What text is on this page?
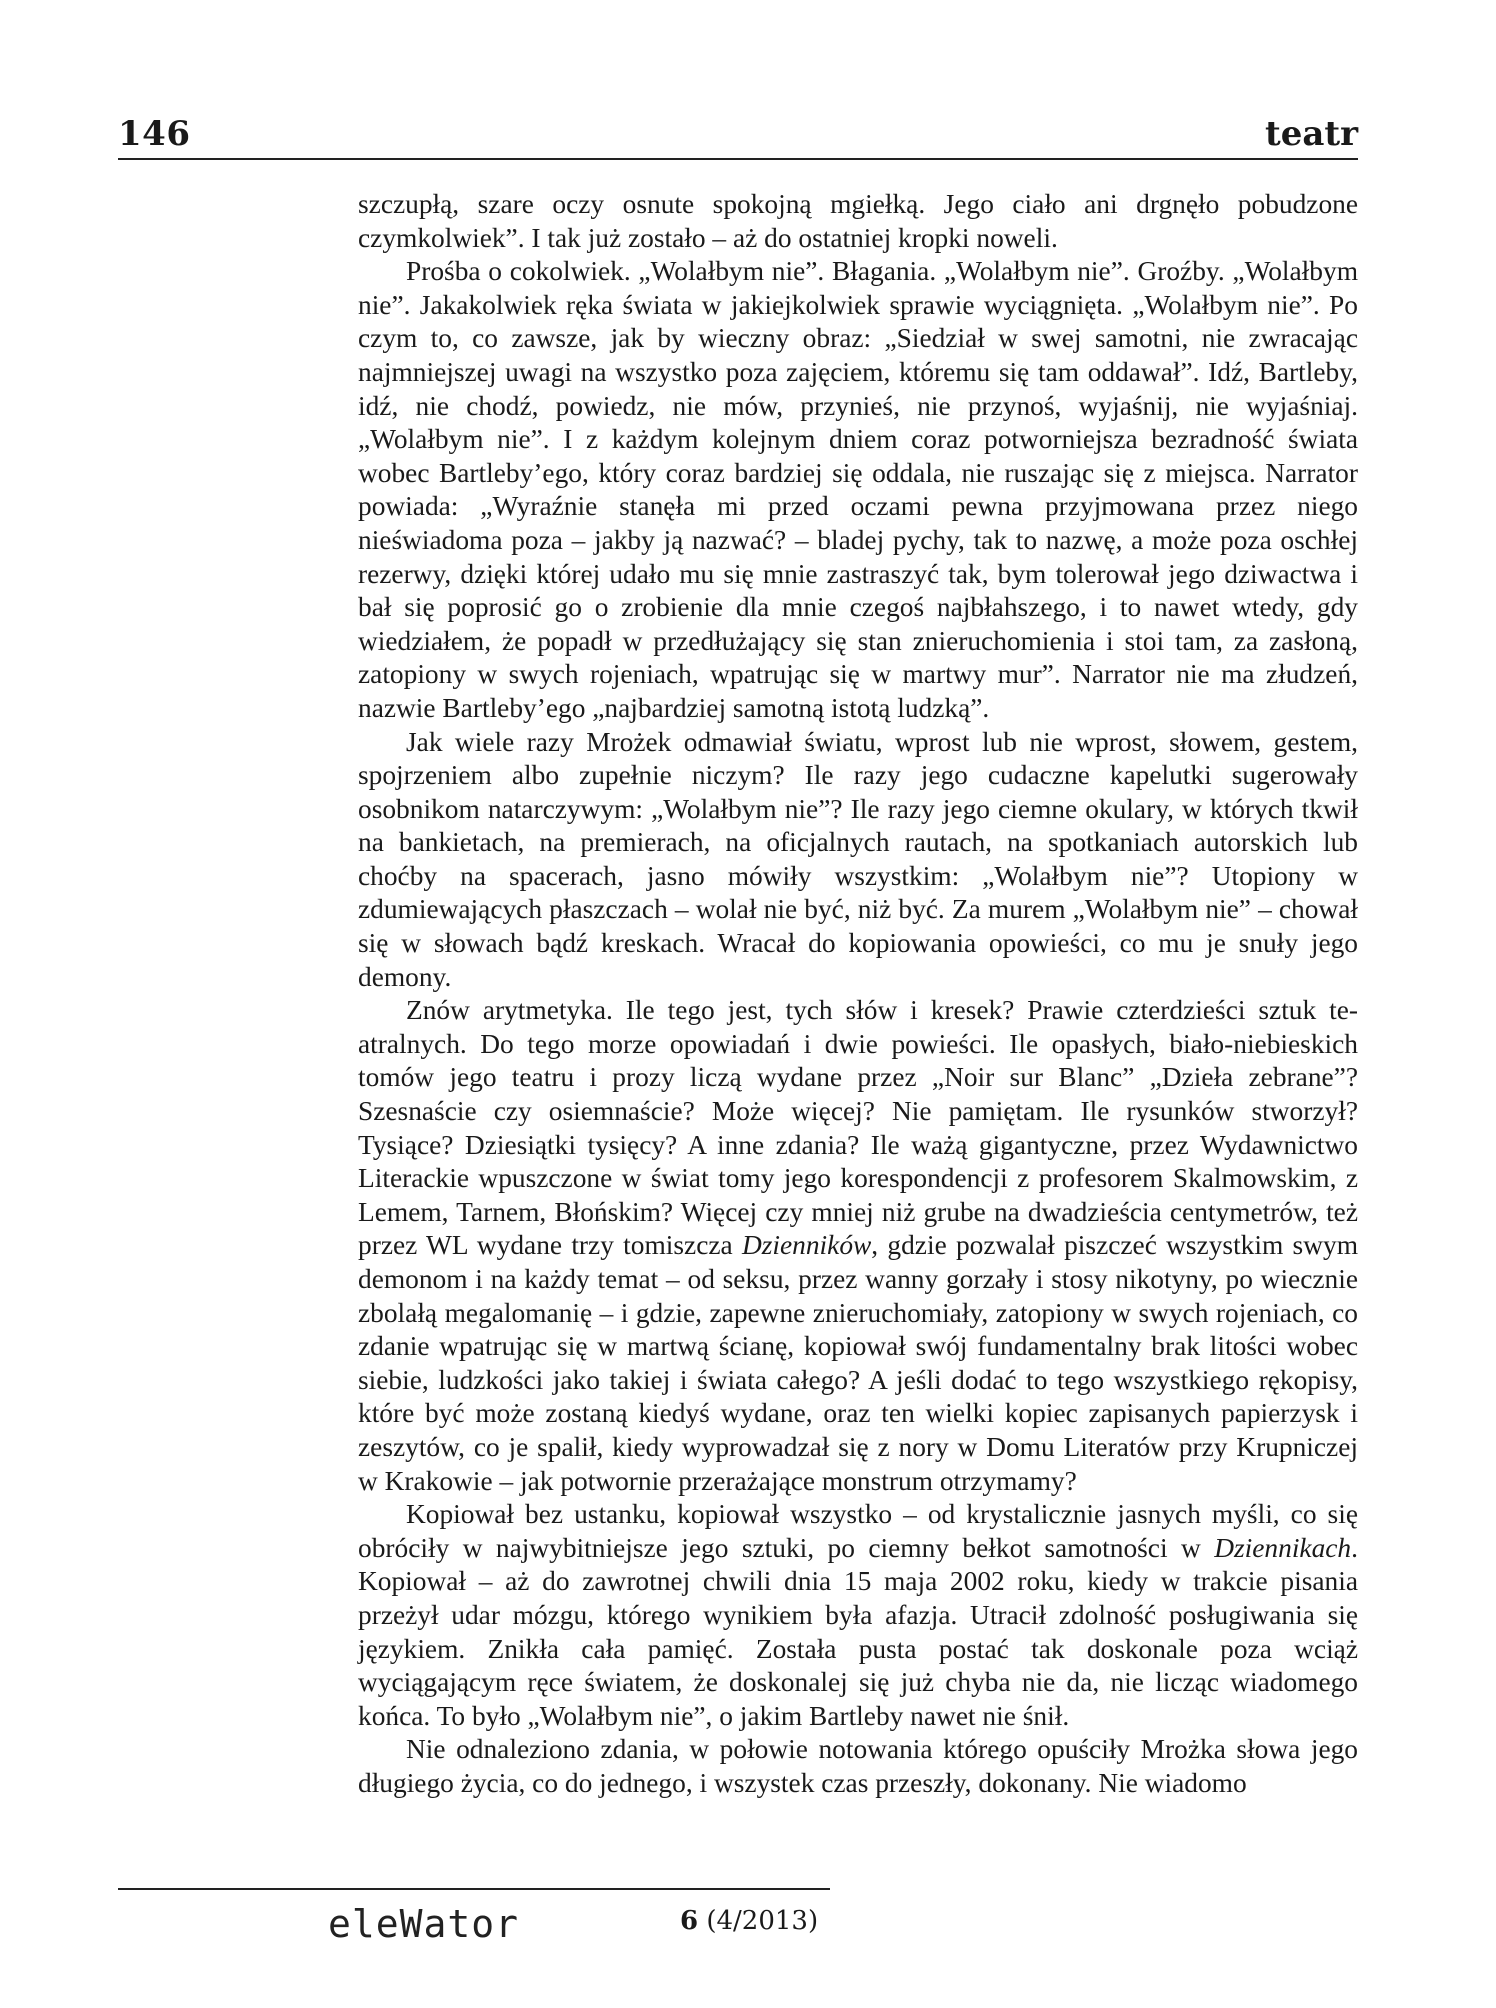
146	teatr

szczupłą, szare oczy osnute spokojną mgiełką. Jego ciało ani drgnęło pobudzone czymkolwiek”. I tak już zostało – aż do ostatniej kropki noweli.

Prośba o cokolwiek. „Wolałbym nie”. Błagania. „Wolałbym nie”. Groźby. „Wolałbym nie”. Jakakolwiek ręka świata w jakiejkolwiek sprawie wyciągnięta. „Wolałbym nie”. Po czym to, co zawsze, jak by wieczny obraz: „Siedział w swej samotni, nie zwracając najmniejszej uwagi na wszystko poza zajęciem, któremu się tam oddawał”. Idź, Bartleby, idź, nie chodź, powiedz, nie mów, przynieś, nie przynoś, wyjaśnij, nie wyjaśniaj. „Wolałbym nie”. I z każdym kolejnym dniem coraz potworniejsza bezradność świata wobec Bartleby’ego, który coraz bardziej się oddala, nie ruszając się z miejsca. Narrator powiada: „Wyraźnie stanęła mi przed oczami pewna przyjmowana przez niego nieświadoma poza – jakby ją nazwać? – bladej pychy, tak to nazwę, a może poza oschłej rezerwy, dzięki której udało mu się mnie zastraszyć tak, bym tolerował jego dziwactwa i bał się poprosić go o zrobienie dla mnie czegoś najbłahszego, i to nawet wtedy, gdy wiedziałem, że popadł w przedłużający się stan znieruchomienia i stoi tam, za zasłoną, zatopiony w swych rojeniach, wpatrując się w martwy mur”. Narrator nie ma złudzeń, nazwie Bartleby’ego „najbardziej samotną istotą ludzką”.

Jak wiele razy Mrożek odmawiał światu, wprost lub nie wprost, słowem, gestem, spojrzeniem albo zupełnie niczym? Ile razy jego cudaczne kapelutki sugerowały osobnikom natarczywym: „Wolałbym nie”? Ile razy jego ciemne okulary, w których tkwił na bankietach, na premierach, na oficjalnych rautach, na spotkaniach autorskich lub choćby na spacerach, jasno mówiły wszystkim: „Wolałbym nie”? Utopiony w zdumiewających płaszczach – wolał nie być, niż być. Za murem „Wolałbym nie” – chował się w słowach bądź kreskach. Wracał do kopiowania opowieści, co mu je snuły jego demony.

Znów arytmetyka. Ile tego jest, tych słów i kresek? Prawie czterdzieści sztuk teatralnych. Do tego morze opowiadań i dwie powieści. Ile opasłych, biało-niebieskich tomów jego teatru i prozy liczą wydane przez „Noir sur Blanc” „Dzieła zebrane”? Szesnaście czy osiemnaście? Może więcej? Nie pamiętam. Ile rysunków stworzył? Tysiące? Dziesiątki tysięcy? A inne zdania? Ile ważą gigantyczne, przez Wydawnictwo Literackie wpuszczone w świat tomy jego korespondencji z profesorem Skalmowskim, z Lemem, Tarnem, Błońskim? Więcej czy mniej niż grube na dwadzieścia centymetrów, też przez WL wydane trzy tomiszcza Dzienników, gdzie pozwalał piszczeć wszystkim swym demonom i na każdy temat – od seksu, przez wanny gorzały i stosy nikotyny, po wiecznie zbolałą megalomanię – i gdzie, zapewne znieruchomiały, zatopiony w swych rojeniach, co zdanie wpatrując się w martwą ścianę, kopiował swój fundamentalny brak litości wobec siebie, ludzkości jako takiej i świata całego? A jeśli dodać to tego wszystkiego rękopisy, które być może zostaną kiedyś wydane, oraz ten wielki kopiec zapisanych papierzysk i zeszytów, co je spalił, kiedy wyprowadzał się z nory w Domu Literatów przy Krupniczej w Krakowie – jak potwornie przerażające monstrum otrzymamy?

Kopiował bez ustanku, kopiował wszystko – od krystalicznie jasnych myśli, co się obróciły w najwybitniejsze jego sztuki, po ciemny bełkot samotności w Dziennikach. Kopiował – aż do zawrotnej chwili dnia 15 maja 2002 roku, kiedy w trakcie pisania przeżył udar mózgu, którego wynikiem była afazja. Utracił zdolność posługiwania się językiem. Znikła cała pamięć. Została pusta postać tak doskonale poza wciąż wyciągającym ręce światem, że doskonalej się już chyba nie da, nie licząc wiadomego końca. To było „Wolałbym nie”, o jakim Bartleby nawet nie śnił.

Nie odnaleziono zdania, w połowie notowania którego opuściły Mrożka słowa jego długiego życia, co do jednego, i wszystek czas przeszły, dokonany. Nie wiadomo

eleWator	6 (4/2013)
